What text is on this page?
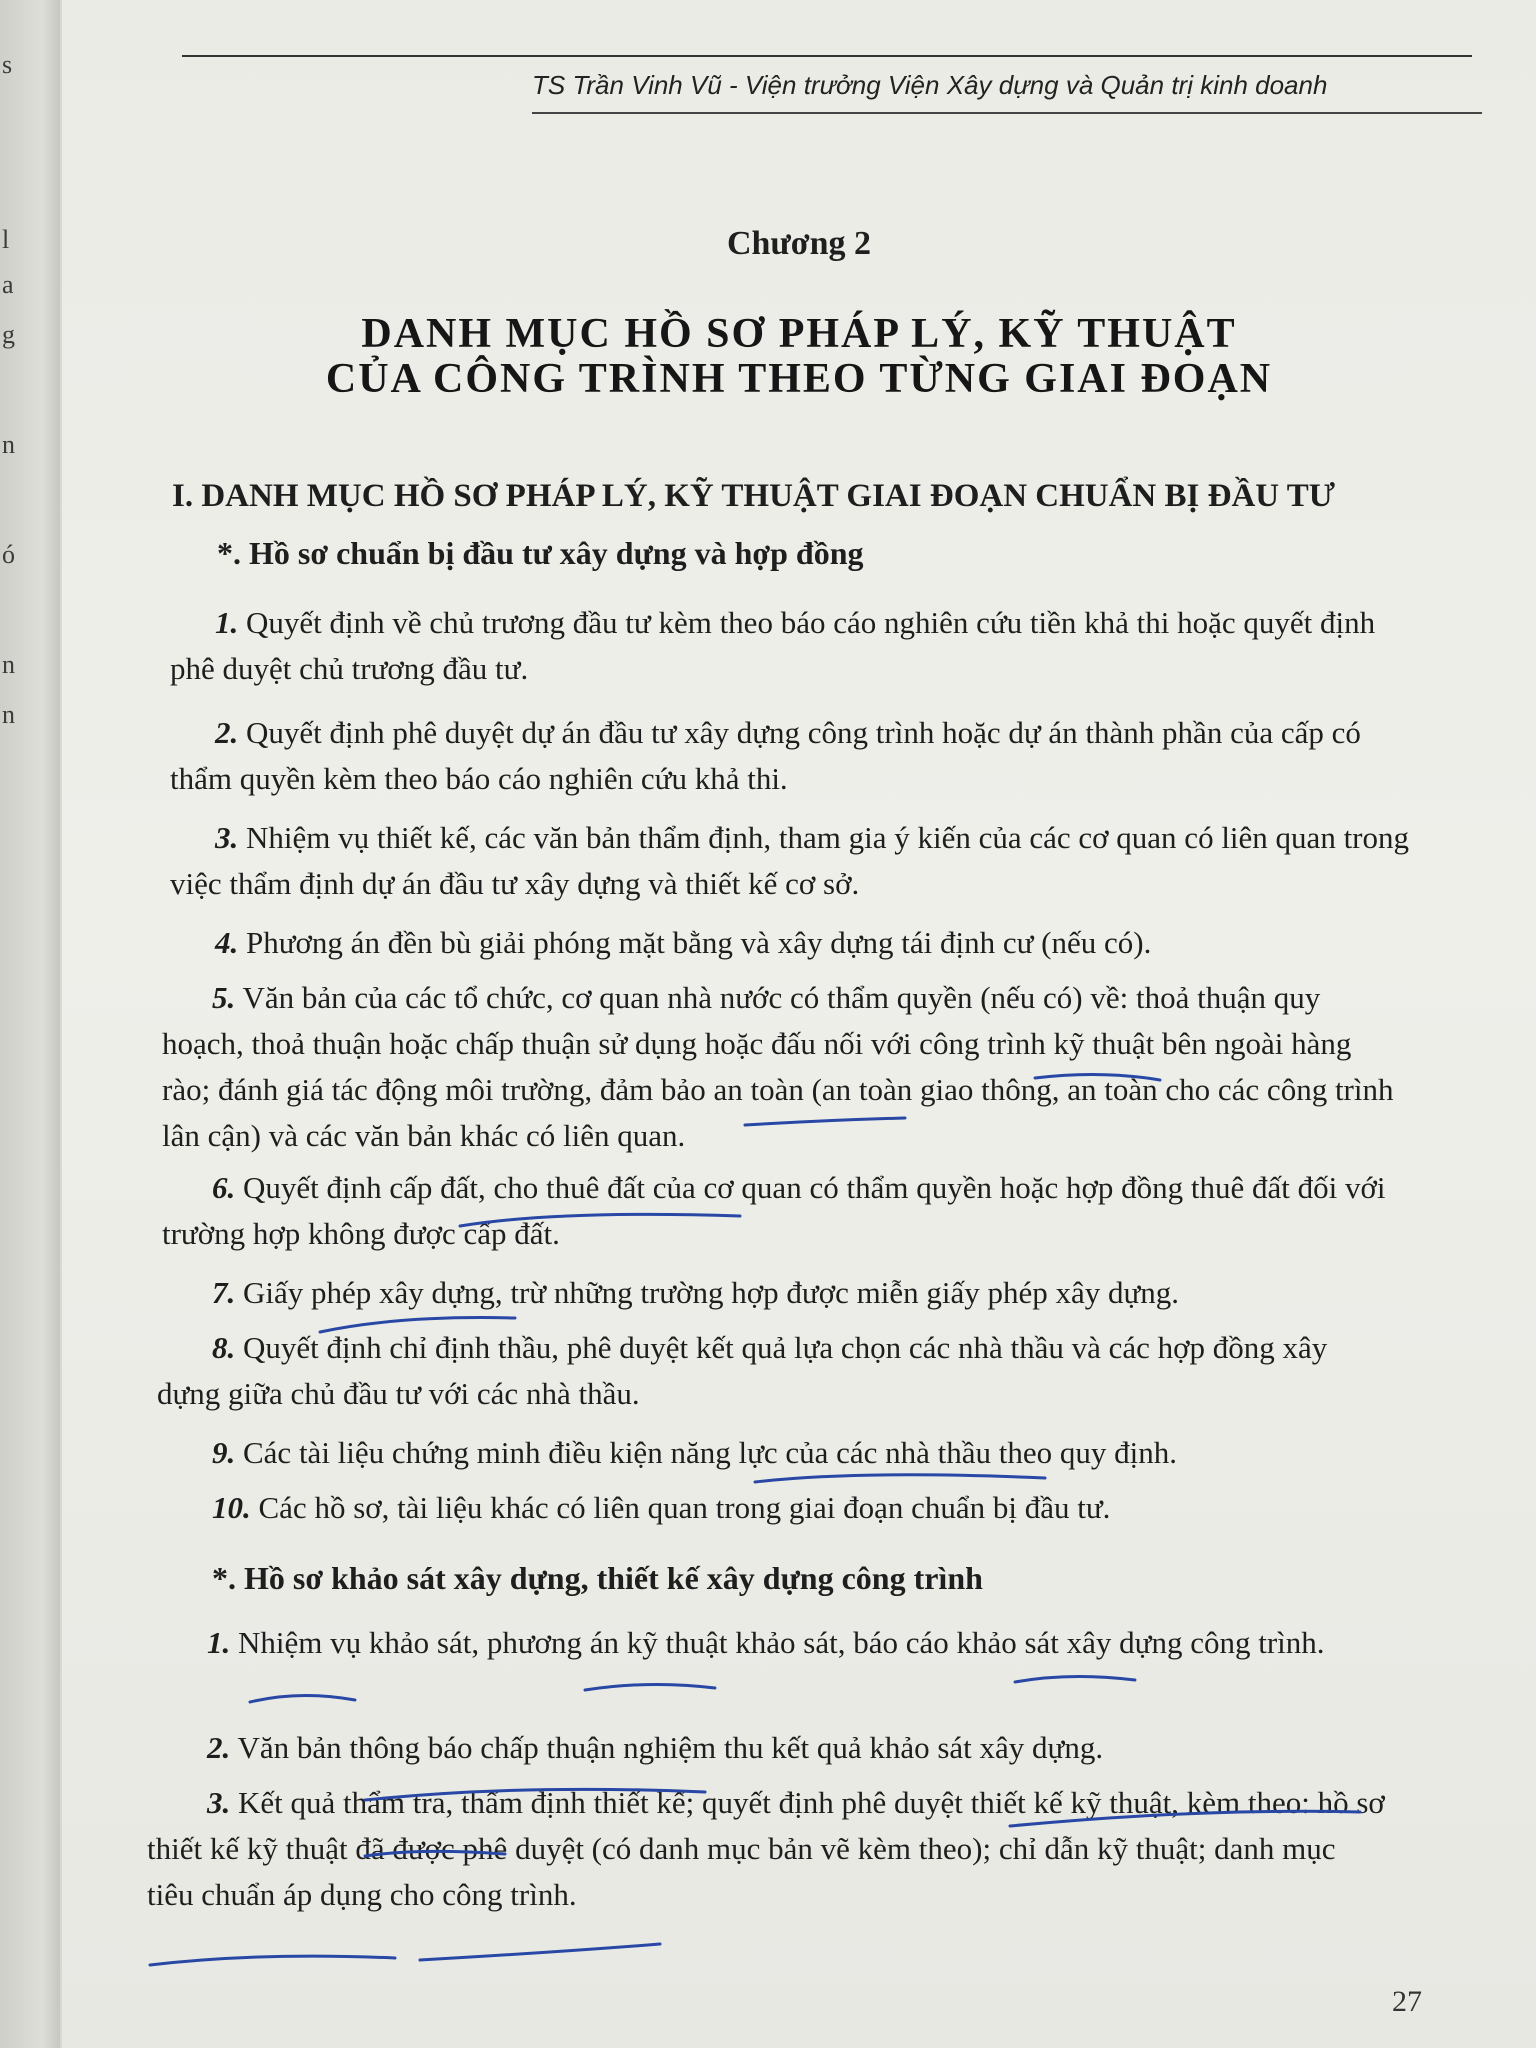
s
l
a
g
n
ó
n
n
TS Trần Vinh Vũ - Viện trưởng Viện Xây dựng và Quản trị kinh doanh
Chương 2
DANH MỤC HỒ SƠ PHÁP LÝ, KỸ THUẬT
CỦA CÔNG TRÌNH THEO TỪNG GIAI ĐOẠN
I. DANH MỤC HỒ SƠ PHÁP LÝ, KỸ THUẬT GIAI ĐOẠN CHUẨN BỊ ĐẦU TƯ
*. Hồ sơ chuẩn bị đầu tư xây dựng và hợp đồng
1. Quyết định về chủ trương đầu tư kèm theo báo cáo nghiên cứu tiền khả thi hoặc quyết định phê duyệt chủ trương đầu tư.
2. Quyết định phê duyệt dự án đầu tư xây dựng công trình hoặc dự án thành phần của cấp có thẩm quyền kèm theo báo cáo nghiên cứu khả thi.
3. Nhiệm vụ thiết kế, các văn bản thẩm định, tham gia ý kiến của các cơ quan có liên quan trong việc thẩm định dự án đầu tư xây dựng và thiết kế cơ sở.
4. Phương án đền bù giải phóng mặt bằng và xây dựng tái định cư (nếu có).
5. Văn bản của các tổ chức, cơ quan nhà nước có thẩm quyền (nếu có) về: thoả thuận quy hoạch, thoả thuận hoặc chấp thuận sử dụng hoặc đấu nối với công trình kỹ thuật bên ngoài hàng rào; đánh giá tác động môi trường, đảm bảo an toàn (an toàn giao thông, an toàn cho các công trình lân cận) và các văn bản khác có liên quan.
6. Quyết định cấp đất, cho thuê đất của cơ quan có thẩm quyền hoặc hợp đồng thuê đất đối với trường hợp không được cấp đất.
7. Giấy phép xây dựng, trừ những trường hợp được miễn giấy phép xây dựng.
8. Quyết định chỉ định thầu, phê duyệt kết quả lựa chọn các nhà thầu và các hợp đồng xây dựng giữa chủ đầu tư với các nhà thầu.
9. Các tài liệu chứng minh điều kiện năng lực của các nhà thầu theo quy định.
10. Các hồ sơ, tài liệu khác có liên quan trong giai đoạn chuẩn bị đầu tư.
*. Hồ sơ khảo sát xây dựng, thiết kế xây dựng công trình
1. Nhiệm vụ khảo sát, phương án kỹ thuật khảo sát, báo cáo khảo sát xây dựng công trình.
2. Văn bản thông báo chấp thuận nghiệm thu kết quả khảo sát xây dựng.
3. Kết quả thẩm tra, thẩm định thiết kế; quyết định phê duyệt thiết kế kỹ thuật, kèm theo: hồ sơ thiết kế kỹ thuật đã được phê duyệt (có danh mục bản vẽ kèm theo); chỉ dẫn kỹ thuật; danh mục tiêu chuẩn áp dụng cho công trình.
27
